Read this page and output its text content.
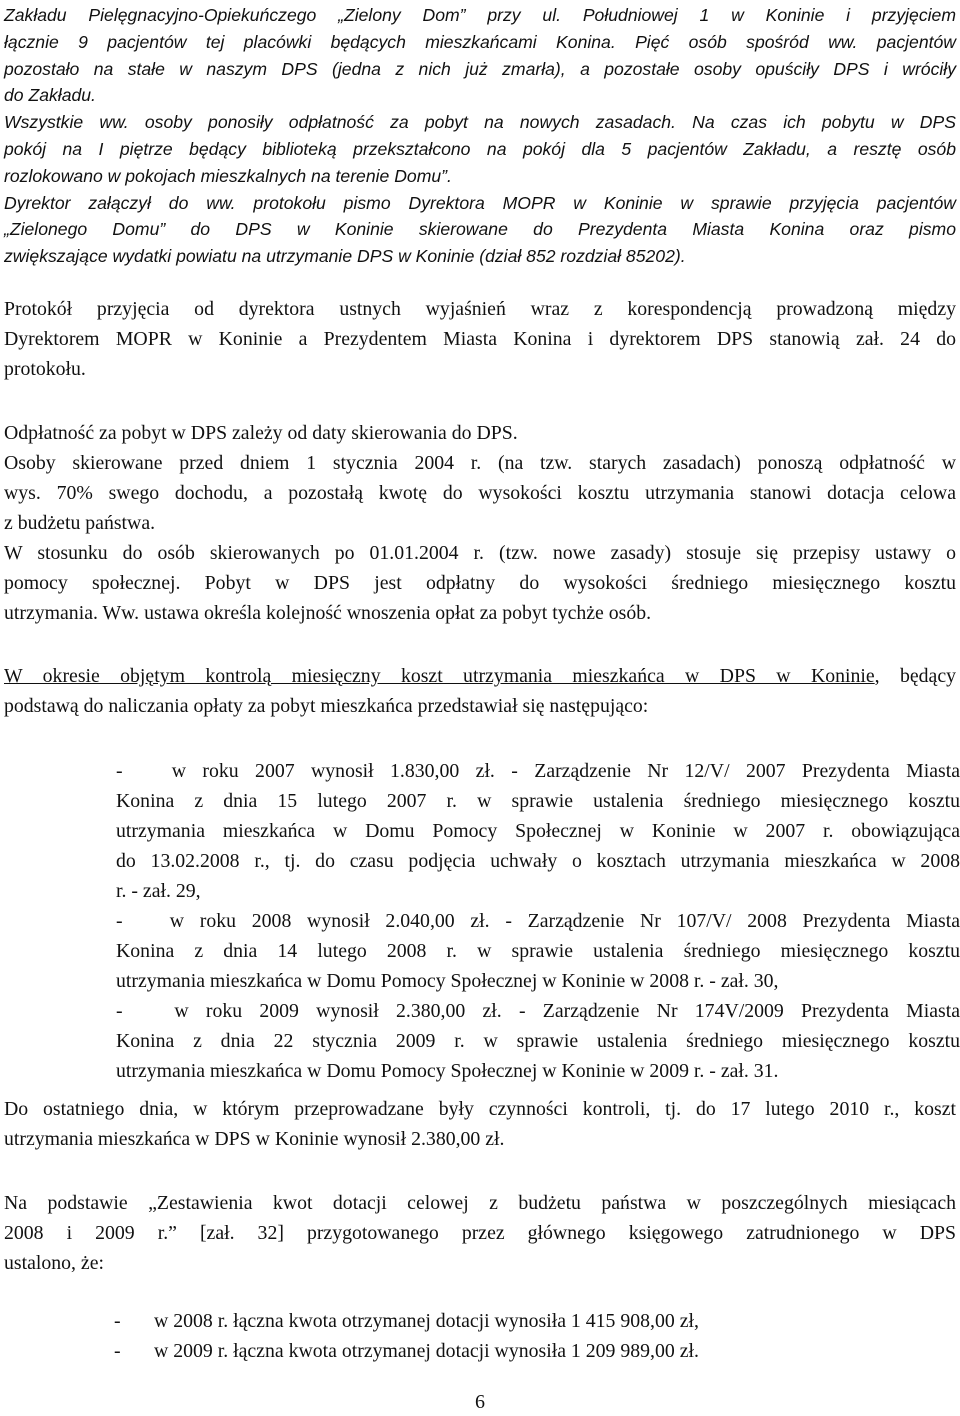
Zakładu Pielęgnacyjno-Opiekuńczego „Zielony Dom” przy ul. Południowej 1 w Koninie i przyjęciem
łącznie 9 pacjentów tej placówki będących mieszkańcami Konina. Pięć osób spośród ww. pacjentów
pozostało na stałe w naszym DPS (jedna z nich już zmarła), a pozostałe osoby opuściły DPS i wróciły
do Zakładu.
Wszystkie ww. osoby ponosiły odpłatność za pobyt na nowych zasadach. Na czas ich pobytu w DPS
pokój na I piętrze będący biblioteką przekształcono na pokój dla 5 pacjentów Zakładu, a resztę osób
rozlokowano w pokojach mieszkalnych na terenie Domu”.
Dyrektor załączył do ww. protokołu pismo Dyrektora MOPR w Koninie w sprawie przyjęcia pacjentów
„Zielonego Domu” do DPS w Koninie skierowane do Prezydenta Miasta Konina oraz pismo
zwiększające wydatki powiatu na utrzymanie DPS w Koninie (dział 852 rozdział 85202).
Protokół przyjęcia od dyrektora ustnych wyjaśnień wraz z korespondencją prowadzoną między
Dyrektorem MOPR w Koninie a Prezydentem Miasta Konina i dyrektorem DPS stanowią zał. 24 do
protokołu.
Odpłatność za pobyt w DPS zależy od daty skierowania do DPS.
Osoby skierowane przed dniem 1 stycznia 2004 r. (na tzw. starych zasadach) ponoszą odpłatność w
wys. 70% swego dochodu, a pozostałą kwotę do wysokości kosztu utrzymania stanowi dotacja celowa
z budżetu państwa.
W stosunku do osób skierowanych po 01.01.2004 r. (tzw. nowe zasady) stosuje się przepisy ustawy o
pomocy społecznej. Pobyt w DPS jest odpłatny do wysokości średniego miesięcznego kosztu
utrzymania. Ww. ustawa określa kolejność wnoszenia opłat za pobyt tychże osób.
W okresie objętym kontrolą miesięczny koszt utrzymania mieszkańca w DPS w Koninie, będący
podstawą do naliczania opłaty za pobyt mieszkańca przedstawiał się następująco:
- w roku 2007 wynosił 1.830,00 zł. - Zarządzenie Nr 12/V/ 2007 Prezydenta Miasta
Konina z dnia 15 lutego 2007 r. w sprawie ustalenia średniego miesięcznego kosztu
utrzymania mieszkańca w Domu Pomocy Społecznej w Koninie w 2007 r. obowiązująca
do 13.02.2008 r., tj. do czasu podjęcia uchwały o kosztach utrzymania mieszkańca w 2008
r. - zał. 29,
- w roku 2008 wynosił 2.040,00 zł. - Zarządzenie Nr 107/V/ 2008 Prezydenta Miasta
Konina z dnia 14 lutego 2008 r. w sprawie ustalenia średniego miesięcznego kosztu
utrzymania mieszkańca w Domu Pomocy Społecznej w Koninie w 2008 r. - zał. 30,
-	w roku 2009 wynosił 2.380,00 zł. - Zarządzenie Nr 174V/2009 Prezydenta Miasta
Konina z dnia 22 stycznia 2009 r. w sprawie ustalenia średniego miesięcznego kosztu
utrzymania mieszkańca w Domu Pomocy Społecznej w Koninie w 2009 r. - zał. 31.
Do ostatniego dnia, w którym przeprowadzane były czynności kontroli, tj. do 17 lutego 2010 r., koszt
utrzymania mieszkańca w DPS w Koninie wynosił 2.380,00 zł.
Na podstawie „Zestawienia kwot dotacji celowej z budżetu państwa w poszczególnych miesiącach
2008 i 2009 r.” [zał. 32] przygotowanego przez głównego księgowego zatrudnionego w DPS
ustalono, że:
- w 2008 r. łączna kwota otrzymanej dotacji wynosiła 1 415 908,00 zł,
- w 2009 r. łączna kwota otrzymanej dotacji wynosiła 1 209 989,00 zł.
6
